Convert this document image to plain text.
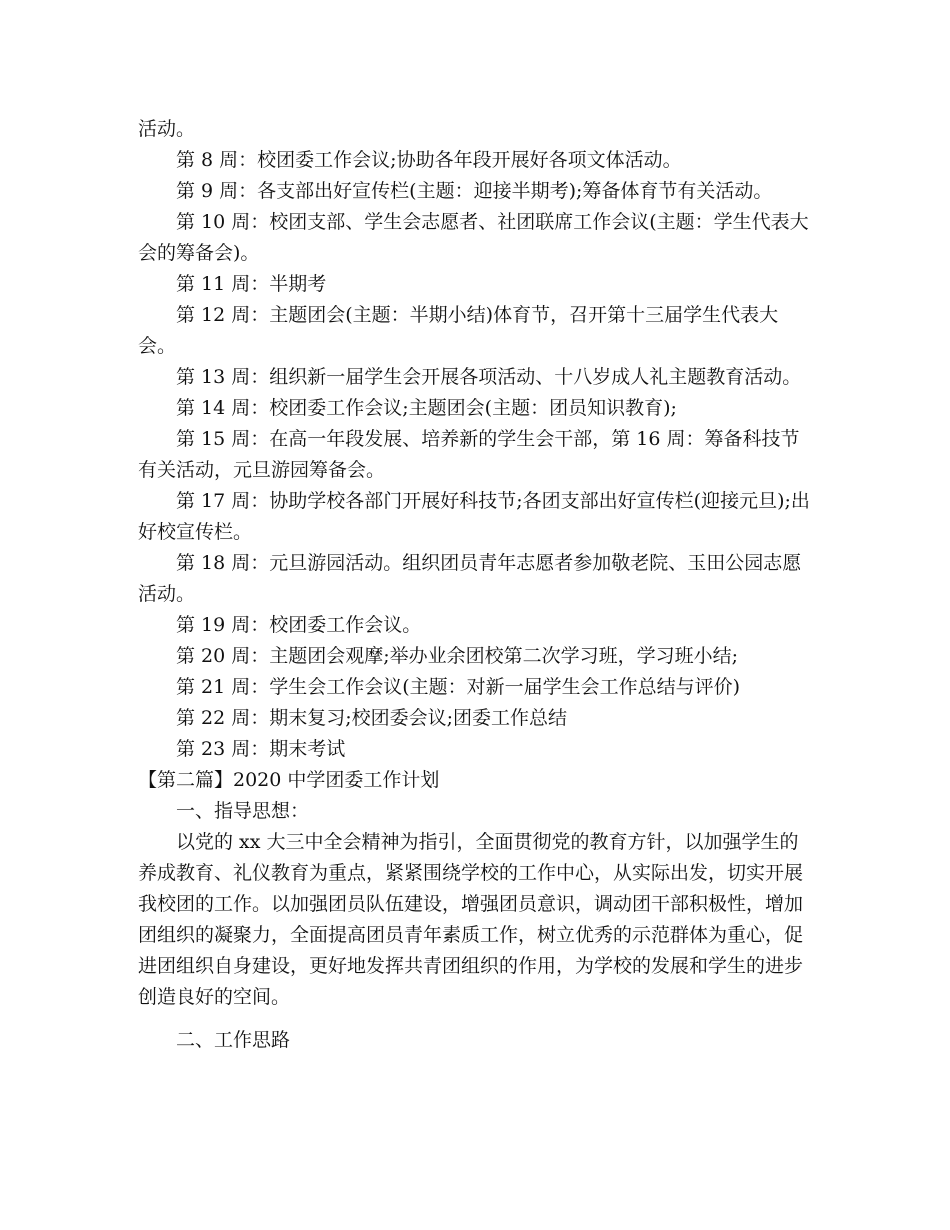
活动。

第 8 周：校团委工作会议;协助各年段开展好各项文体活动。

第 9 周：各支部出好宣传栏(主题：迎接半期考);筹备体育节有关活动。

第 10 周：校团支部、学生会志愿者、社团联席工作会议(主题：学生代表大会的筹备会)。

第 11 周：半期考

第 12 周：主题团会(主题：半期小结)体育节，召开第十三届学生代表大会。

第 13 周：组织新一届学生会开展各项活动、十八岁成人礼主题教育活动。

第 14 周：校团委工作会议;主题团会(主题：团员知识教育);

第 15 周：在高一年段发展、培养新的学生会干部，第 16 周：筹备科技节有关活动，元旦游园筹备会。

第 17 周：协助学校各部门开展好科技节;各团支部出好宣传栏(迎接元旦);出好校宣传栏。

第 18 周：元旦游园活动。组织团员青年志愿者参加敬老院、玉田公园志愿活动。

第 19 周：校团委工作会议。

第 20 周：主题团会观摩;举办业余团校第二次学习班，学习班小结;

第 21 周：学生会工作会议(主题：对新一届学生会工作总结与评价)

第 22 周：期末复习;校团委会议;团委工作总结

第 23 周：期末考试

【第二篇】2020 中学团委工作计划

一、指导思想：

以党的 xx 大三中全会精神为指引，全面贯彻党的教育方针，以加强学生的养成教育、礼仪教育为重点，紧紧围绕学校的工作中心，从实际出发，切实开展我校团的工作。以加强团员队伍建设，增强团员意识，调动团干部积极性，增加团组织的凝聚力，全面提高团员青年素质工作，树立优秀的示范群体为重心，促进团组织自身建设，更好地发挥共青团组织的作用，为学校的发展和学生的进步创造良好的空间。

二、工作思路
